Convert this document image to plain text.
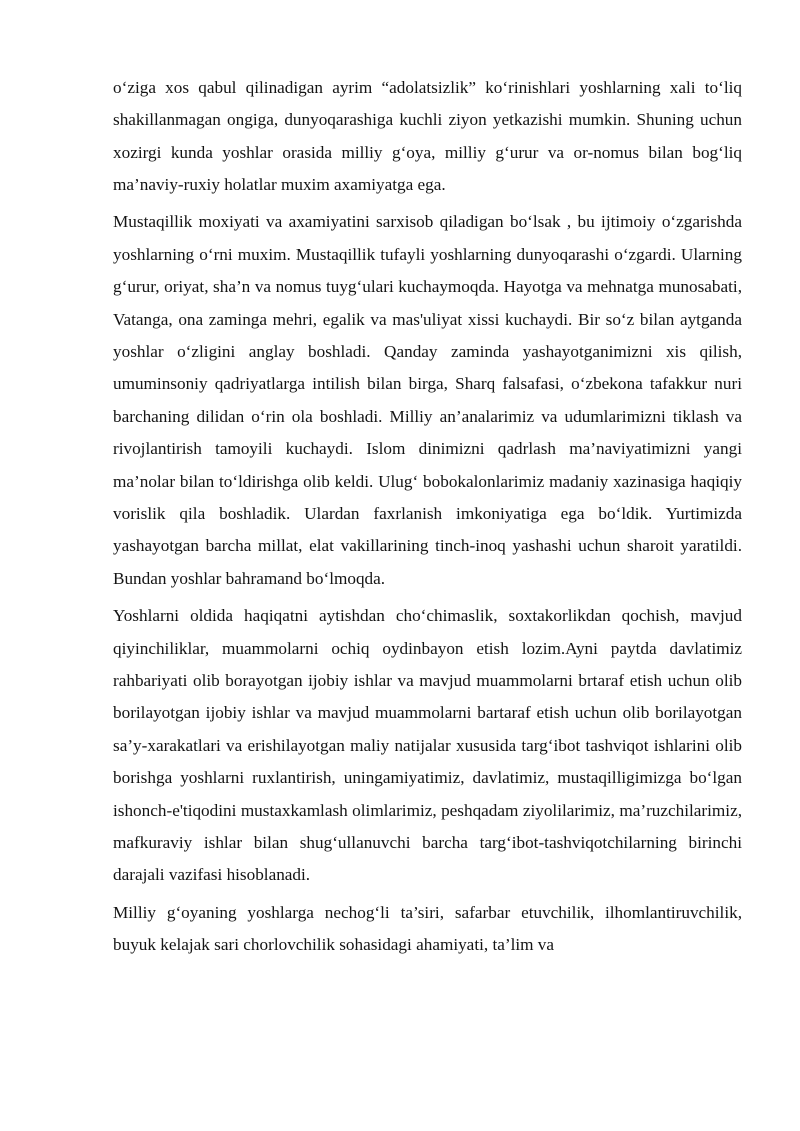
o‘ziga xos qabul qilinadigan ayrim “adolatsizlik” ko‘rinishlari yoshlarning xali to‘liq shakillanmagan ongiga, dunyoqarashiga kuchli ziyon yetkazishi mumkin. Shuning uchun xozirgi kunda yoshlar orasida milliy g‘oya, milliy g‘urur va or-nomus bilan bog‘liq ma’naviy-ruxiy holatlar muxim axamiyatga ega.

Mustaqillik moxiyati va axamiyatini sarxisob qiladigan bo‘lsak , bu ijtimoiy o‘zgarishda yoshlarning o‘rni muxim. Mustaqillik tufayli yoshlarning dunyoqarashi o‘zgardi. Ularning g‘urur, oriyat, sha’n va nomus tuyg‘ulari kuchaymoqda. Hayotga va mehnatga munosabati, Vatanga, ona zaminga mehri, egalik va mas'uliyat xissi kuchaydi. Bir so‘z bilan aytganda yoshlar o‘zligini anglay boshladi. Qanday zaminda yashayotganimizni xis qilish, umuminsoniy qadriyatlarga intilish bilan birga, Sharq falsafasi, o‘zbekona tafakkur nuri barchaning dilidan o‘rin ola boshladi. Milliy an’analarimiz va udumlarimizni tiklash va rivojlantirish tamoyili kuchaydi. Islom dinimizni qadrlash ma’naviyatimizni yangi ma’nolar bilan to‘ldirishga olib keldi. Ulug‘ bobokalonlarimiz madaniy xazinasiga haqiqiy vorislik qila boshladik. Ulardan faxrlanish imkoniyatiga ega bo‘ldik. Yurtimizda yashayotgan barcha millat, elat vakillarining tinch-inoq yashashi uchun sharoit yaratildi. Bundan yoshlar bahramand bo‘lmoqda.

Yoshlarni oldida haqiqatni aytishdan cho‘chimaslik, soxtakorlikdan qochish, mavjud qiyinchiliklar, muammolarni ochiq oydinbayon etish lozim.Ayni paytda davlatimiz rahbariyati olib borayotgan ijobiy ishlar va mavjud muammolarni brtaraf etish uchun olib borilayotgan ijobiy ishlar va mavjud muammolarni bartaraf etish uchun olib borilayotgan sa’y-xarakatlari va erishilayotgan maliy natijalar xususida targ‘ibot tashviqot ishlarini olib borishga yoshlarni ruxlantirish, uningamiyatimiz, davlatimiz, mustaqilligimizga bo‘lgan ishonch-e'tiqodini mustaxkamlash olimlarimiz, peshqadam ziyolilarimiz, ma’ruzchilarimiz, mafkuraviy ishlar bilan shug‘ullanuvchi barcha targ‘ibot-tashviqotchilarning birinchi darajali vazifasi hisoblanadi.

Milliy g‘oyaning yoshlarga nechog‘li ta’siri, safarbar etuvchilik, ilhomlantiruvchilik, buyuk kelajak sari chorlovchilik sohasidagi ahamiyati, ta’lim va
